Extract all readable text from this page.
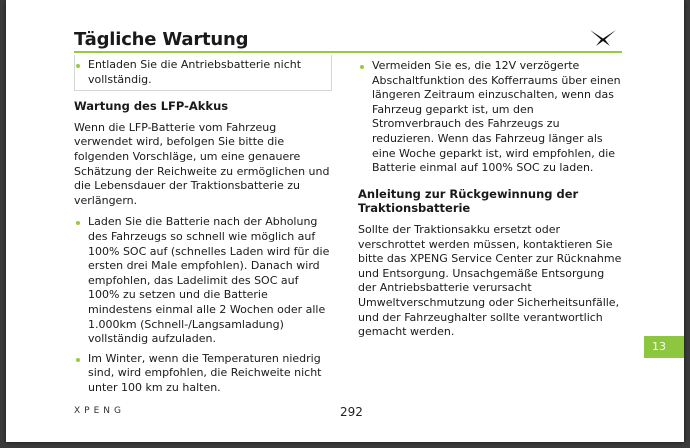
Tägliche Wartung
Entladen Sie die Antriebsbatterie nicht vollständig.
Wartung des LFP-Akkus

Wenn die LFP-Batterie vom Fahrzeug verwendet wird, befolgen Sie bitte die folgenden Vorschläge, um eine genauere Schätzung der Reichweite zu ermöglichen und die Lebensdauer der Traktionsbatterie zu verlängern.

Laden Sie die Batterie nach der Abholung des Fahrzeugs so schnell wie möglich auf 100% SOC auf (schnelles Laden wird für die ersten drei Male empfohlen). Danach wird empfohlen, das Ladelimit des SOC auf 100% zu setzen und die Batterie mindestens einmal alle 2 Wochen oder alle 1.000km (Schnell-/Langsamladung) vollständig aufzuladen.
Im Winter, wenn die Temperaturen niedrig sind, wird empfohlen, die Reichweite nicht unter 100 km zu halten.
Vermeiden Sie es, die 12V verzögerte Abschaltfunktion des Kofferraums über einen längeren Zeitraum einzuschalten, wenn das Fahrzeug geparkt ist, um den Stromverbrauch des Fahrzeugs zu reduzieren. Wenn das Fahrzeug länger als eine Woche geparkt ist, wird empfohlen, die Batterie einmal auf 100% SOC zu laden.
Anleitung zur Rückgewinnung der Traktionsbatterie

Sollte der Traktionsakku ersetzt oder verschrottet werden müssen, kontaktieren Sie bitte das XPENG Service Center zur Rücknahme und Entsorgung. Unsachgemäße Entsorgung der Antriebsbatterie verursacht Umweltverschmutzung oder Sicherheitsunfälle, und der Fahrzeughalter sollte verantwortlich gemacht werden.

XPENG	292
13
